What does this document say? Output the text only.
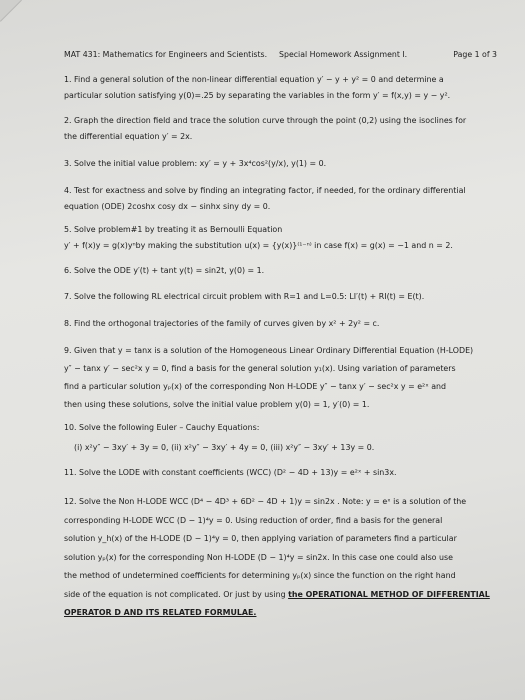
MAT 431: Mathematics for Engineers and Scientists. Special Homework Assignment I.	Page 1 of 3
1. Find a general solution of the non-linear differential equation y′ − y + y² = 0 and determine a
particular solution satisfying y(0)=.25 by separating the variables in the form y′ = f(x,y) = y − y².
2. Graph the direction field and trace the solution curve through the point (0,2) using the isoclines for
the differential equation y′ = 2x.
3. Solve the initial value problem: xy′ = y + 3x⁴cos²(y/x), y(1) = 0.
4. Test for exactness and solve by finding an integrating factor, if needed, for the ordinary differential
equation (ODE) 2coshx cosy dx − sinhx siny dy = 0.
5. Solve problem#1 by treating it as Bernoulli Equation
y′ + f(x)y = g(x)yⁿby making the substitution u(x) = {y(x)}⁽¹⁻ⁿ⁾ in case f(x) = g(x) = −1 and n = 2.
6. Solve the ODE y′(t) + tant y(t) = sin2t, y(0) = 1.
7. Solve the following RL electrical circuit problem with R=1 and L=0.5: LI′(t) + RI(t) = E(t).
8. Find the orthogonal trajectories of the family of curves given by x² + 2y² = c.
9. Given that y = tanx is a solution of the Homogeneous Linear Ordinary Differential Equation (H-LODE)
y″ − tanx y′ − sec²x y = 0, find a basis for the general solution y₁(x). Using variation of parameters
find a particular solution yₚ(x) of the corresponding Non H-LODE y″ − tanx y′ − sec²x y = e²ˣ and
then using these solutions, solve the initial value problem y(0) = 1, y′(0) = 1.
10. Solve the following Euler – Cauchy Equations:
(i) x²y″ − 3xy′ + 3y = 0, (ii) x²y″ − 3xy′ + 4y = 0, (iii) x²y″ − 3xy′ + 13y = 0.
11. Solve the LODE with constant coefficients (WCC) (D² − 4D + 13)y = e²ˣ + sin3x.
12. Solve the Non H-LODE WCC (D⁴ − 4D³ + 6D² − 4D + 1)y = sin2x . Note: y = eˣ is a solution of the
corresponding H-LODE WCC (D − 1)⁴y = 0. Using reduction of order, find a basis for the general
solution y_h(x) of the H-LODE (D − 1)⁴y = 0, then applying variation of parameters find a particular
solution yₚ(x) for the corresponding Non H-LODE (D − 1)⁴y = sin2x. In this case one could also use
the method of undetermined coefficients for determining yₚ(x) since the function on the right hand
side of the equation is not complicated. Or just by using the OPERATIONAL METHOD OF DIFFERENTIAL
OPERATOR D AND ITS RELATED FORMULAE.
